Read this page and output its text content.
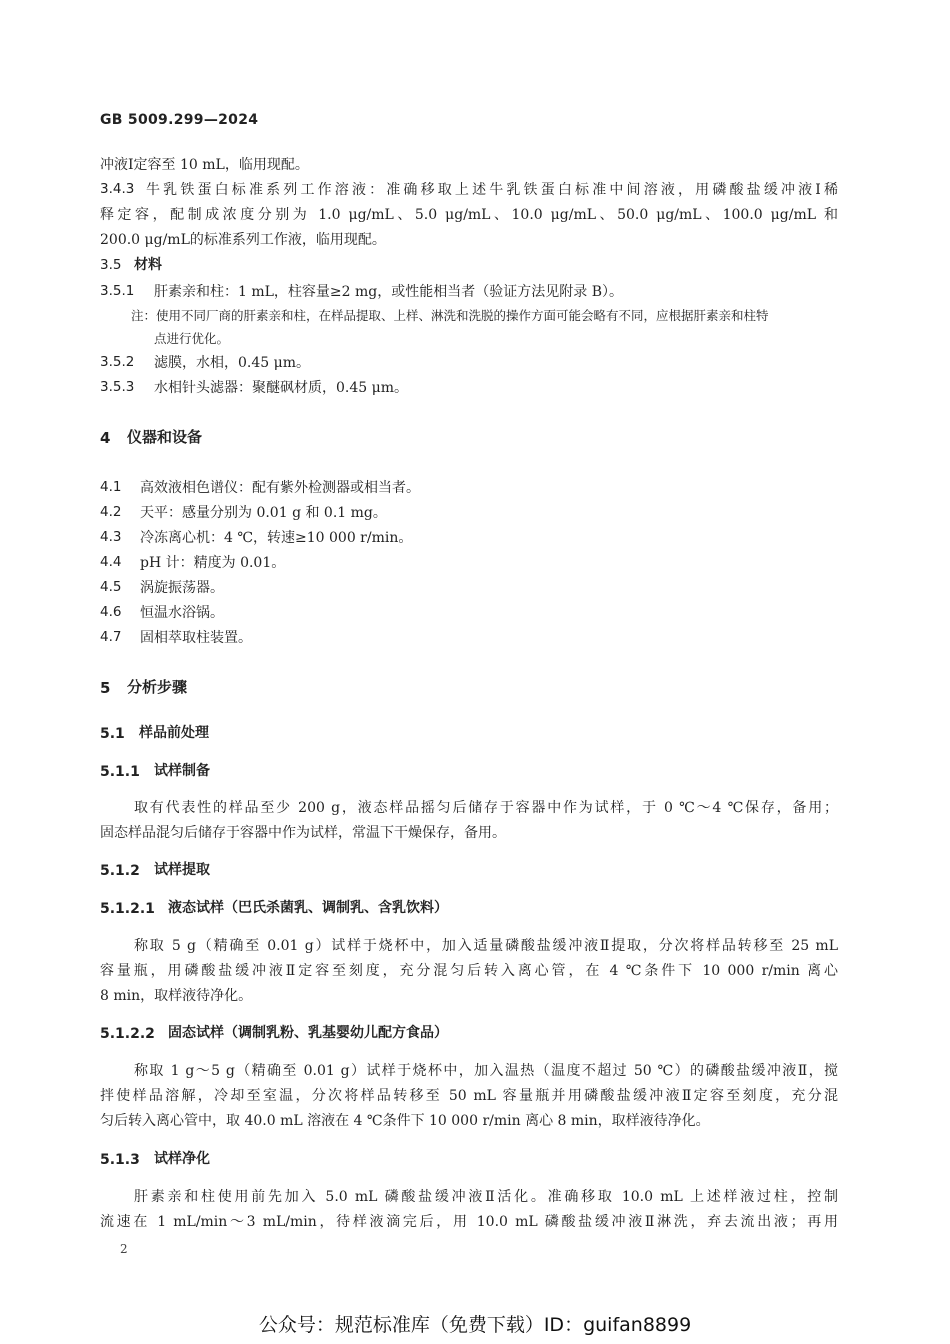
GB 5009.299—2024
冲液Ⅰ定容至 10 mL，临用现配。
3.4.3 牛乳铁蛋白标准系列工作溶液：准确移取上述牛乳铁蛋白标准中间溶液，用磷酸盐缓冲液Ⅰ稀
释定容，配制成浓度分别为 1.0 μg/mL、5.0 μg/mL、10.0 μg/mL、50.0 μg/mL、100.0 μg/mL 和
200.0 μg/mL的标准系列工作液，临用现配。
3.5 材料
3.5.1 肝素亲和柱：1 mL，柱容量≥2 mg，或性能相当者（验证方法见附录 B）。
注：使用不同厂商的肝素亲和柱，在样品提取、上样、淋洗和洗脱的操作方面可能会略有不同，应根据肝素亲和柱特
点进行优化。
3.5.2 滤膜，水相，0.45 μm。
3.5.3 水相针头滤器：聚醚砜材质，0.45 μm。
4 仪器和设备
4.1 高效液相色谱仪：配有紫外检测器或相当者。
4.2 天平：感量分别为 0.01 g 和 0.1 mg。
4.3 冷冻离心机：4 ℃，转速≥10 000 r/min。
4.4 pH 计：精度为 0.01。
4.5 涡旋振荡器。
4.6 恒温水浴锅。
4.7 固相萃取柱装置。
5 分析步骤
5.1 样品前处理
5.1.1 试样制备
取有代表性的样品至少 200 g，液态样品摇匀后储存于容器中作为试样，于 0 ℃～4 ℃保存，备用；
固态样品混匀后储存于容器中作为试样，常温下干燥保存，备用。
5.1.2 试样提取
5.1.2.1 液态试样（巴氏杀菌乳、调制乳、含乳饮料）
称取 5 g（精确至 0.01 g）试样于烧杯中，加入适量磷酸盐缓冲液Ⅱ提取，分次将样品转移至 25 mL
容量瓶，用磷酸盐缓冲液Ⅱ定容至刻度，充分混匀后转入离心管，在 4 ℃条件下 10 000 r/min 离心
8 min，取样液待净化。
5.1.2.2 固态试样（调制乳粉、乳基婴幼儿配方食品）
称取 1 g～5 g（精确至 0.01 g）试样于烧杯中，加入温热（温度不超过 50 ℃）的磷酸盐缓冲液Ⅱ，搅
拌使样品溶解，冷却至室温，分次将样品转移至 50 mL 容量瓶并用磷酸盐缓冲液Ⅱ定容至刻度，充分混
匀后转入离心管中，取 40.0 mL 溶液在 4 ℃条件下 10 000 r/min 离心 8 min，取样液待净化。
5.1.3 试样净化
肝素亲和柱使用前先加入 5.0 mL 磷酸盐缓冲液Ⅱ活化。准确移取 10.0 mL 上述样液过柱，控制
流速在 1 mL/min～3 mL/min，待样液滴完后，用 10.0 mL 磷酸盐缓冲液Ⅱ淋洗，弃去流出液；再用
2
公众号：规范标准库（免费下载）ID：guifan8899
